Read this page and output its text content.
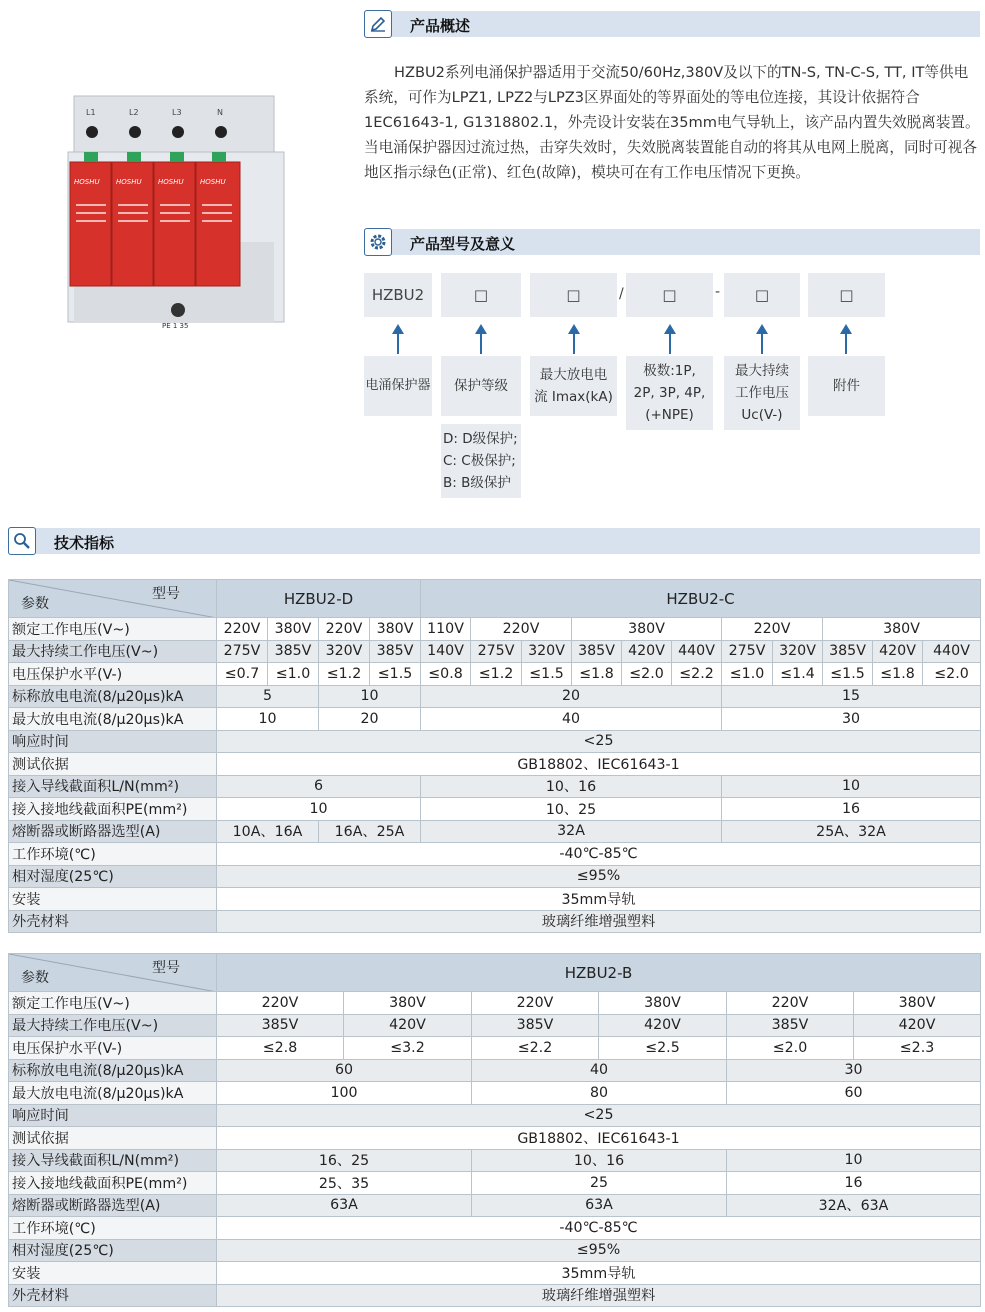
产品概述
HZBU2系列电涌保护器适用于交流50/60Hz,380V及以下的TN-S, TN-C-S, TT, IT等供电系统，可作为LPZ1, LPZ2与LPZ3区界面处的等界面处的等电位连接，其设计依据符合1EC61643-1, G1318802.1，外壳设计安装在35mm电气导轨上，该产品内置失效脱离装置。当电涌保护器因过流过热，击穿失效时，失效脱离装置能自动的将其从电网上脱离，同时可视各地区指示绿色(正常)、红色(故障)，模块可在有工作电压情况下更换。
L1	L2	L3	N
HOSHU HOSHU HOSHU HOSHU
PE 1 35
产品型号及意义
HZBU2	□	□	/	□	-	□	□
电涌保护器	保护等级
最大放电电流 Imax(kA)
极数:1P, 2P, 3P, 4P, (+NPE)
最大持续 工作电压 Uc(V-)
附件
D: D级保护;
C: C极保护;
B: B级保护
技术指标
型号
参数	HZBU2-D				HZBU2-C										
额定工作电压(V~)	220V	380V	220V	380V	110V	220V		380V			220V		380V		
最大持续工作电压(V~)	275V	385V	320V	385V	140V	275V	320V	385V	420V	440V	275V	320V	385V	420V	440V
电压保护水平(V-)	≤0.7	≤1.0	≤1.2	≤1.5	≤0.8	≤1.2	≤1.5	≤1.8	≤2.0	≤2.2	≤1.0	≤1.4	≤1.5	≤1.8	≤2.0
标称放电电流(8/μ20μs)kA	5		10		20						15				
最大放电电流(8/μ20μs)kA	10		20		40						30				
响应时间	<25														
测试依据	GB18802、IEC61643-1														
接入导线截面积L/N(mm²)	6				10、16						10				
接入接地线截面积PE(mm²)	10				10、25						16				
熔断器或断路器选型(A)	10A、16A		16A、25A		32A						25A、32A				
工作环境(℃)	-40℃-85℃														
相对湿度(25℃)	≤95%														
安装	35mm导轨														
外壳材料	玻璃纤维增强塑料														
型号
参数	HZBU2-B					
额定工作电压(V~)	220V	380V	220V	380V	220V	380V
最大持续工作电压(V~)	385V	420V	385V	420V	385V	420V
电压保护水平(V-)	≤2.8	≤3.2	≤2.2	≤2.5	≤2.0	≤2.3
标称放电电流(8/μ20μs)kA	60		40		30	
最大放电电流(8/μ20μs)kA	100		80		60	
响应时间	<25					
测试依据	GB18802、IEC61643-1					
接入导线截面积L/N(mm²)	16、25		10、16		10	
接入接地线截面积PE(mm²)	25、35		25		16	
熔断器或断路器选型(A)	63A		63A		32A、63A	
工作环境(℃)	-40℃-85℃					
相对湿度(25℃)	≤95%					
安装	35mm导轨					
外壳材料	玻璃纤维增强塑料					
